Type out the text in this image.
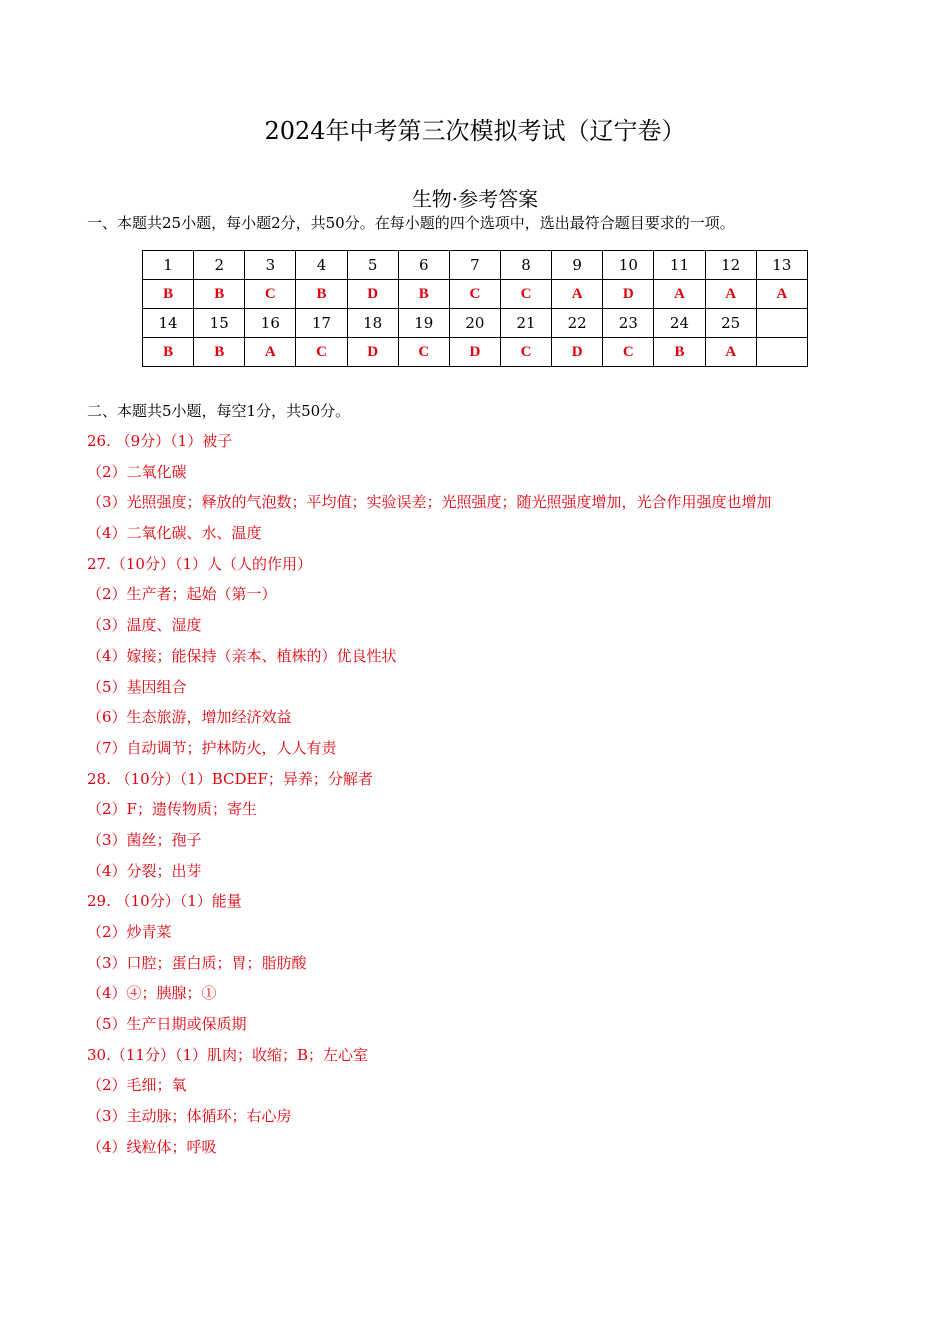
2024年中考第三次模拟考试（辽宁卷）
生物·参考答案
一、本题共25小题，每小题2分，共50分。在每小题的四个选项中，选出最符合题目要求的一项。
1	2	3	4	5	6	7	8	9	10	11	12	13
B	B	C	B	D	B	C	C	A	D	A	A	A
14	15	16	17	18	19	20	21	22	23	24	25	
B	B	A	C	D	C	D	C	D	C	B	A	
二、本题共5小题，每空1分，共50分。
26. （9分）（1）被子
（2）二氧化碳
（3）光照强度；释放的气泡数；平均值；实验误差；光照强度；随光照强度增加，光合作用强度也增加
（4）二氧化碳、水、温度
27.（10分）（1）人（人的作用）
（2）生产者；起始（第一）
（3）温度、湿度
（4）嫁接；能保持（亲本、植株的）优良性状
（5）基因组合
（6）生态旅游，增加经济效益
（7）自动调节；护林防火，人人有责
28. （10分）（1）BCDEF；异养；分解者
（2）F；遗传物质；寄生
（3）菌丝；孢子
（4）分裂；出芽
29. （10分）（1）能量
（2）炒青菜
（3）口腔；蛋白质；胃；脂肪酸
（4）④；胰腺；①
（5）生产日期或保质期
30.（11分）（1）肌肉；收缩；B；左心室
（2）毛细；氧
（3）主动脉；体循环；右心房
（4）线粒体；呼吸
